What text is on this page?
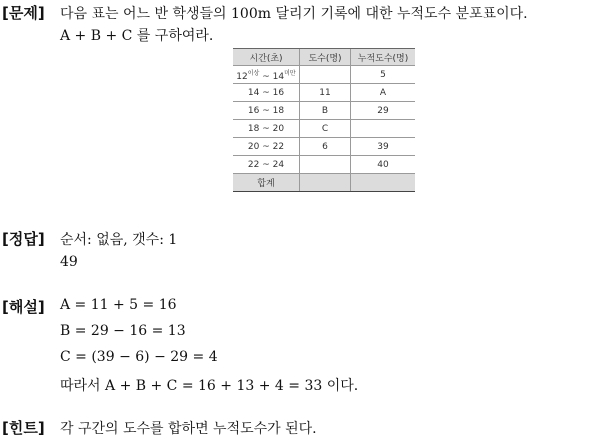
[문제] 다음 표는 어느 반 학생들의 100m 달리기 기록에 대한 누적도수 분포표이다.
A + B + C 를 구하여라.
시간(초)	도수(명)	누적도수(명)
$12^{이상}$ ~ $14^{미만}$		5
14 ~ 16	11	A
16 ~ 18	B	29
18 ~ 20	C	
20 ~ 22	6	39
22 ~ 24		40
합계		
[정답] 순서: 없음, 갯수: 1
49
[해설] A = 11 + 5 = 16
B = 29 − 16 = 13
C = (39 − 6) − 29 = 4
따라서 A + B + C = 16 + 13 + 4 = 33 이다.
[힌트] 각 구간의 도수를 합하면 누적도수가 된다.
